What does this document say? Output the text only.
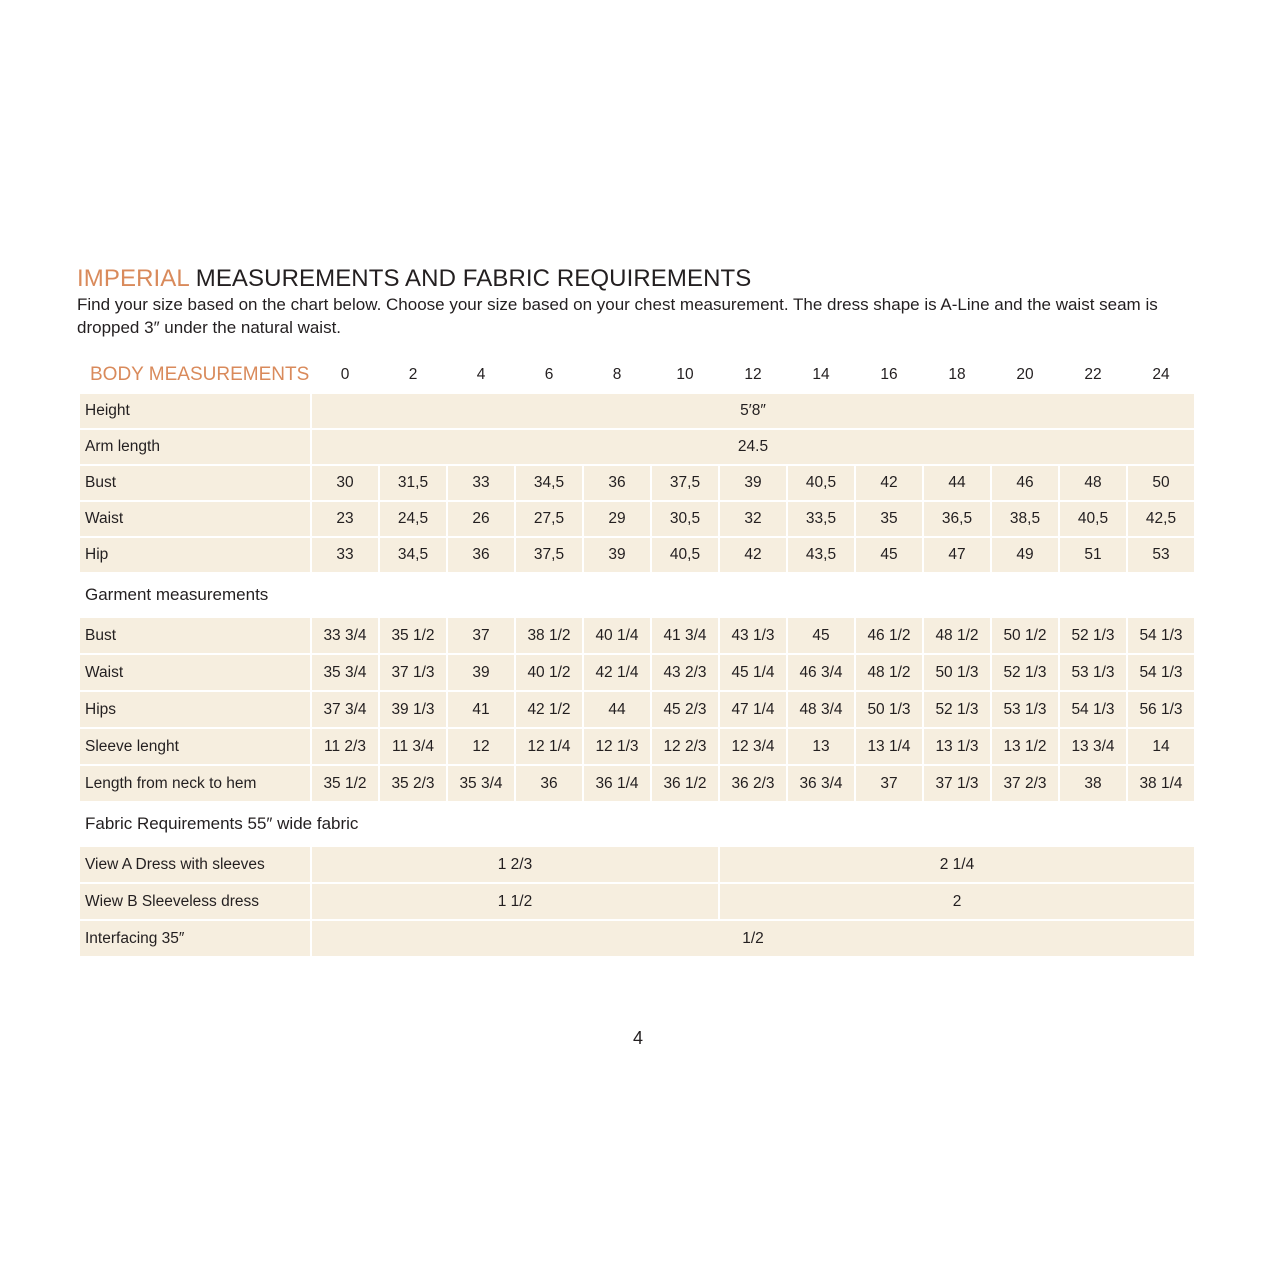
IMPERIAL MEASUREMENTS AND FABRIC REQUIREMENTS

Find your size based on the chart below. Choose your size based on your chest measurement. The dress shape is A-Line and the waist seam is dropped 3″ under the natural waist.

BODY MEASUREMENTS	0	2	4	6	8	10	12	14	16	18	20	22	24
Height	5′8″
Arm length	24.5
Bust	30	31,5	33	34,5	36	37,5	39	40,5	42	44	46	48	50
Waist	23	24,5	26	27,5	29	30,5	32	33,5	35	36,5	38,5	40,5	42,5
Hip	33	34,5	36	37,5	39	40,5	42	43,5	45	47	49	51	53
Garment measurements
Bust	33 3/4	35 1/2	37	38 1/2	40 1/4	41 3/4	43 1/3	45	46 1/2	48 1/2	50 1/2	52 1/3	54 1/3
Waist	35 3/4	37 1/3	39	40 1/2	42 1/4	43 2/3	45 1/4	46 3/4	48 1/2	50 1/3	52 1/3	53 1/3	54 1/3
Hips	37 3/4	39 1/3	41	42 1/2	44	45 2/3	47 1/4	48 3/4	50 1/3	52 1/3	53 1/3	54 1/3	56 1/3
Sleeve lenght	11 2/3	11 3/4	12	12 1/4	12 1/3	12 2/3	12 3/4	13	13 1/4	13 1/3	13 1/2	13 3/4	14
Length from neck to hem	35 1/2	35 2/3	35 3/4	36	36 1/4	36 1/2	36 2/3	36 3/4	37	37 1/3	37 2/3	38	38 1/4
Fabric Requirements 55″ wide fabric
View A Dress with sleeves	1 2/3	2 1/4
Wiew B Sleeveless dress	1 1/2	2
Interfacing 35″	1/2
4
